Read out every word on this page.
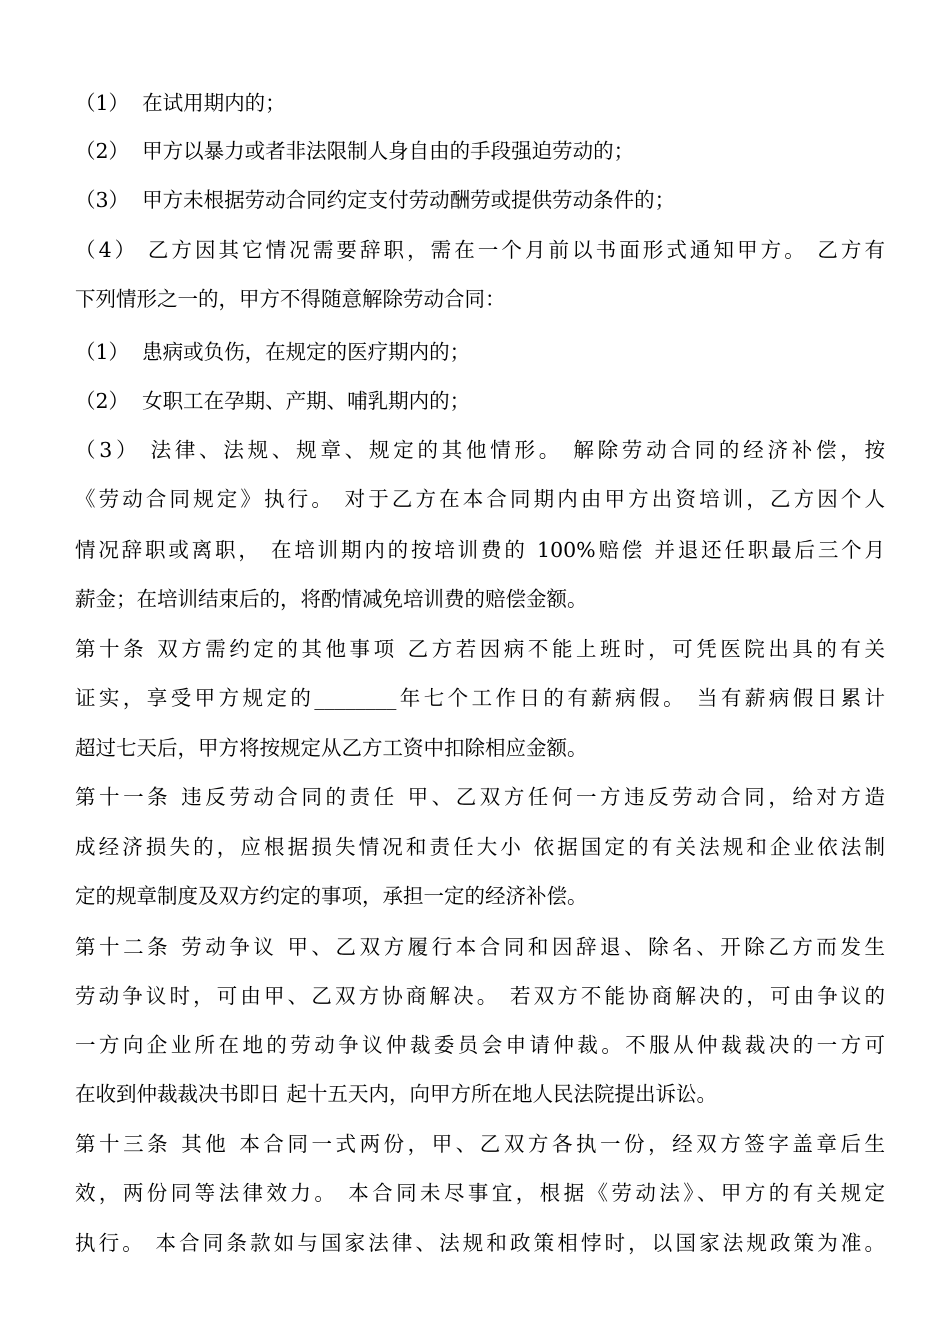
（1）  在试用期内的；
（2）  甲方以暴力或者非法限制人身自由的手段强迫劳动的；
（3）  甲方未根据劳动合同约定支付劳动酬劳或提供劳动条件的；
（4） 乙方因其它情况需要辞职，需在一个月前以书面形式通知甲方。 乙方有
下列情形之一的，甲方不得随意解除劳动合同：
（1）  患病或负伤，在规定的医疗期内的；
（2）  女职工在孕期、产期、哺乳期内的；
（3） 法律、法规、规章、规定的其他情形。 解除劳动合同的经济补偿，按
《劳动合同规定》执行。 对于乙方在本合同期内由甲方出资培训，乙方因个人
情况辞职或离职， 在培训期内的按培训费的 100%赔偿 并退还任职最后三个月
薪金；在培训结束后的，将酌情减免培训费的赔偿金额。
第十条 双方需约定的其他事项 乙方若因病不能上班时，可凭医院出具的有关
证实，享受甲方规定的________年七个工作日的有薪病假。 当有薪病假日累计
超过七天后，甲方将按规定从乙方工资中扣除相应金额。
第十一条 违反劳动合同的责任 甲、乙双方任何一方违反劳动合同，给对方造
成经济损失的，应根据损失情况和责任大小 依据国定的有关法规和企业依法制
定的规章制度及双方约定的事项，承担一定的经济补偿。
第十二条 劳动争议 甲、乙双方履行本合同和因辞退、除名、开除乙方而发生
劳动争议时，可由甲、乙双方协商解决。 若双方不能协商解决的，可由争议的
一方向企业所在地的劳动争议仲裁委员会申请仲裁。不服从仲裁裁决的一方可
在收到仲裁裁决书即日 起十五天内，向甲方所在地人民法院提出诉讼。
第十三条 其他 本合同一式两份，甲、乙双方各执一份，经双方签字盖章后生
效，两份同等法律效力。 本合同未尽事宜，根据《劳动法》、甲方的有关规定
执行。 本合同条款如与国家法律、法规和政策相悖时，以国家法规政策为准。
